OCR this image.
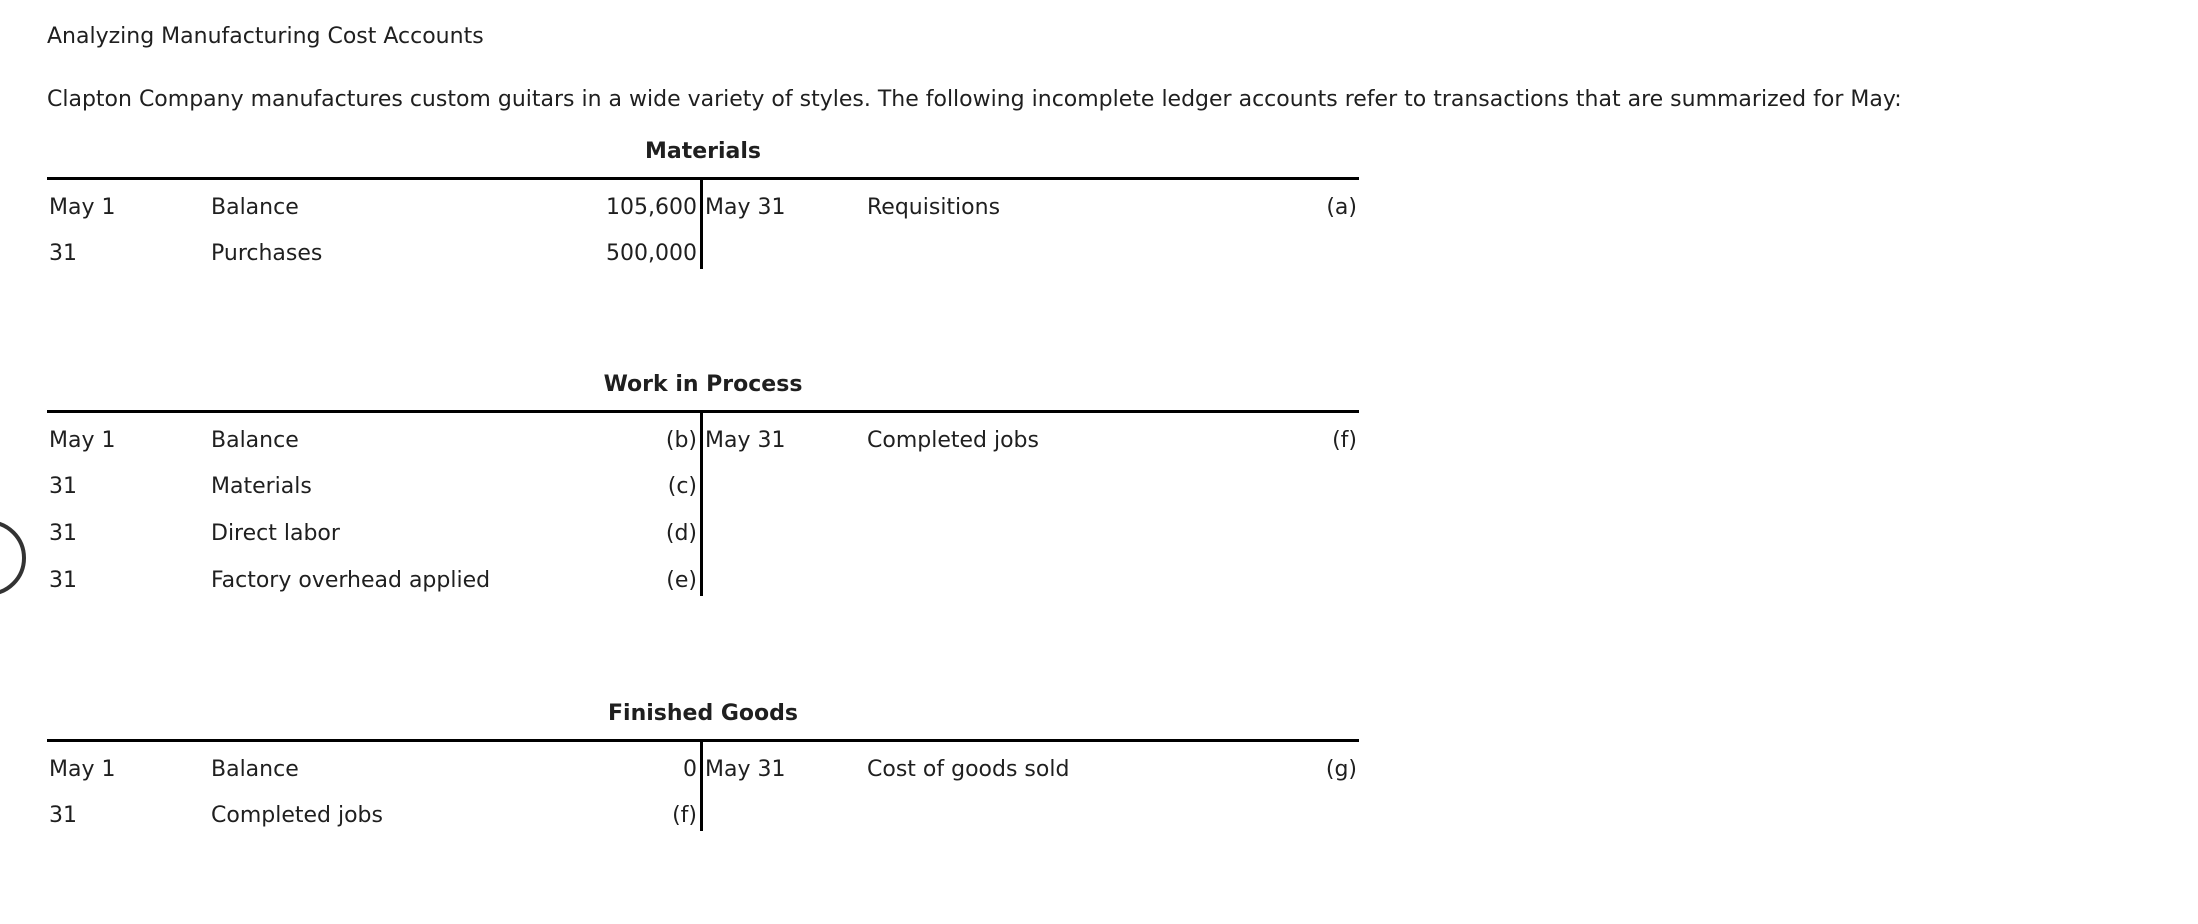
Analyzing Manufacturing Cost Accounts
Clapton Company manufactures custom guitars in a wide variety of styles. The following incomplete ledger accounts refer to transactions that are summarized for May:
Materials
May 1	Balance	105,600 May 31	Requisitions	(a)
31	Purchases	500,000
Work in Process
May 1	Balance	(b) May 31	Completed jobs	(f)
31	Materials	(c)
31	Direct labor	(d)
31	Factory overhead applied	(e)
Finished Goods
May 1	Balance	0 May 31	Cost of goods sold	(g)
31	Completed jobs	(f)
